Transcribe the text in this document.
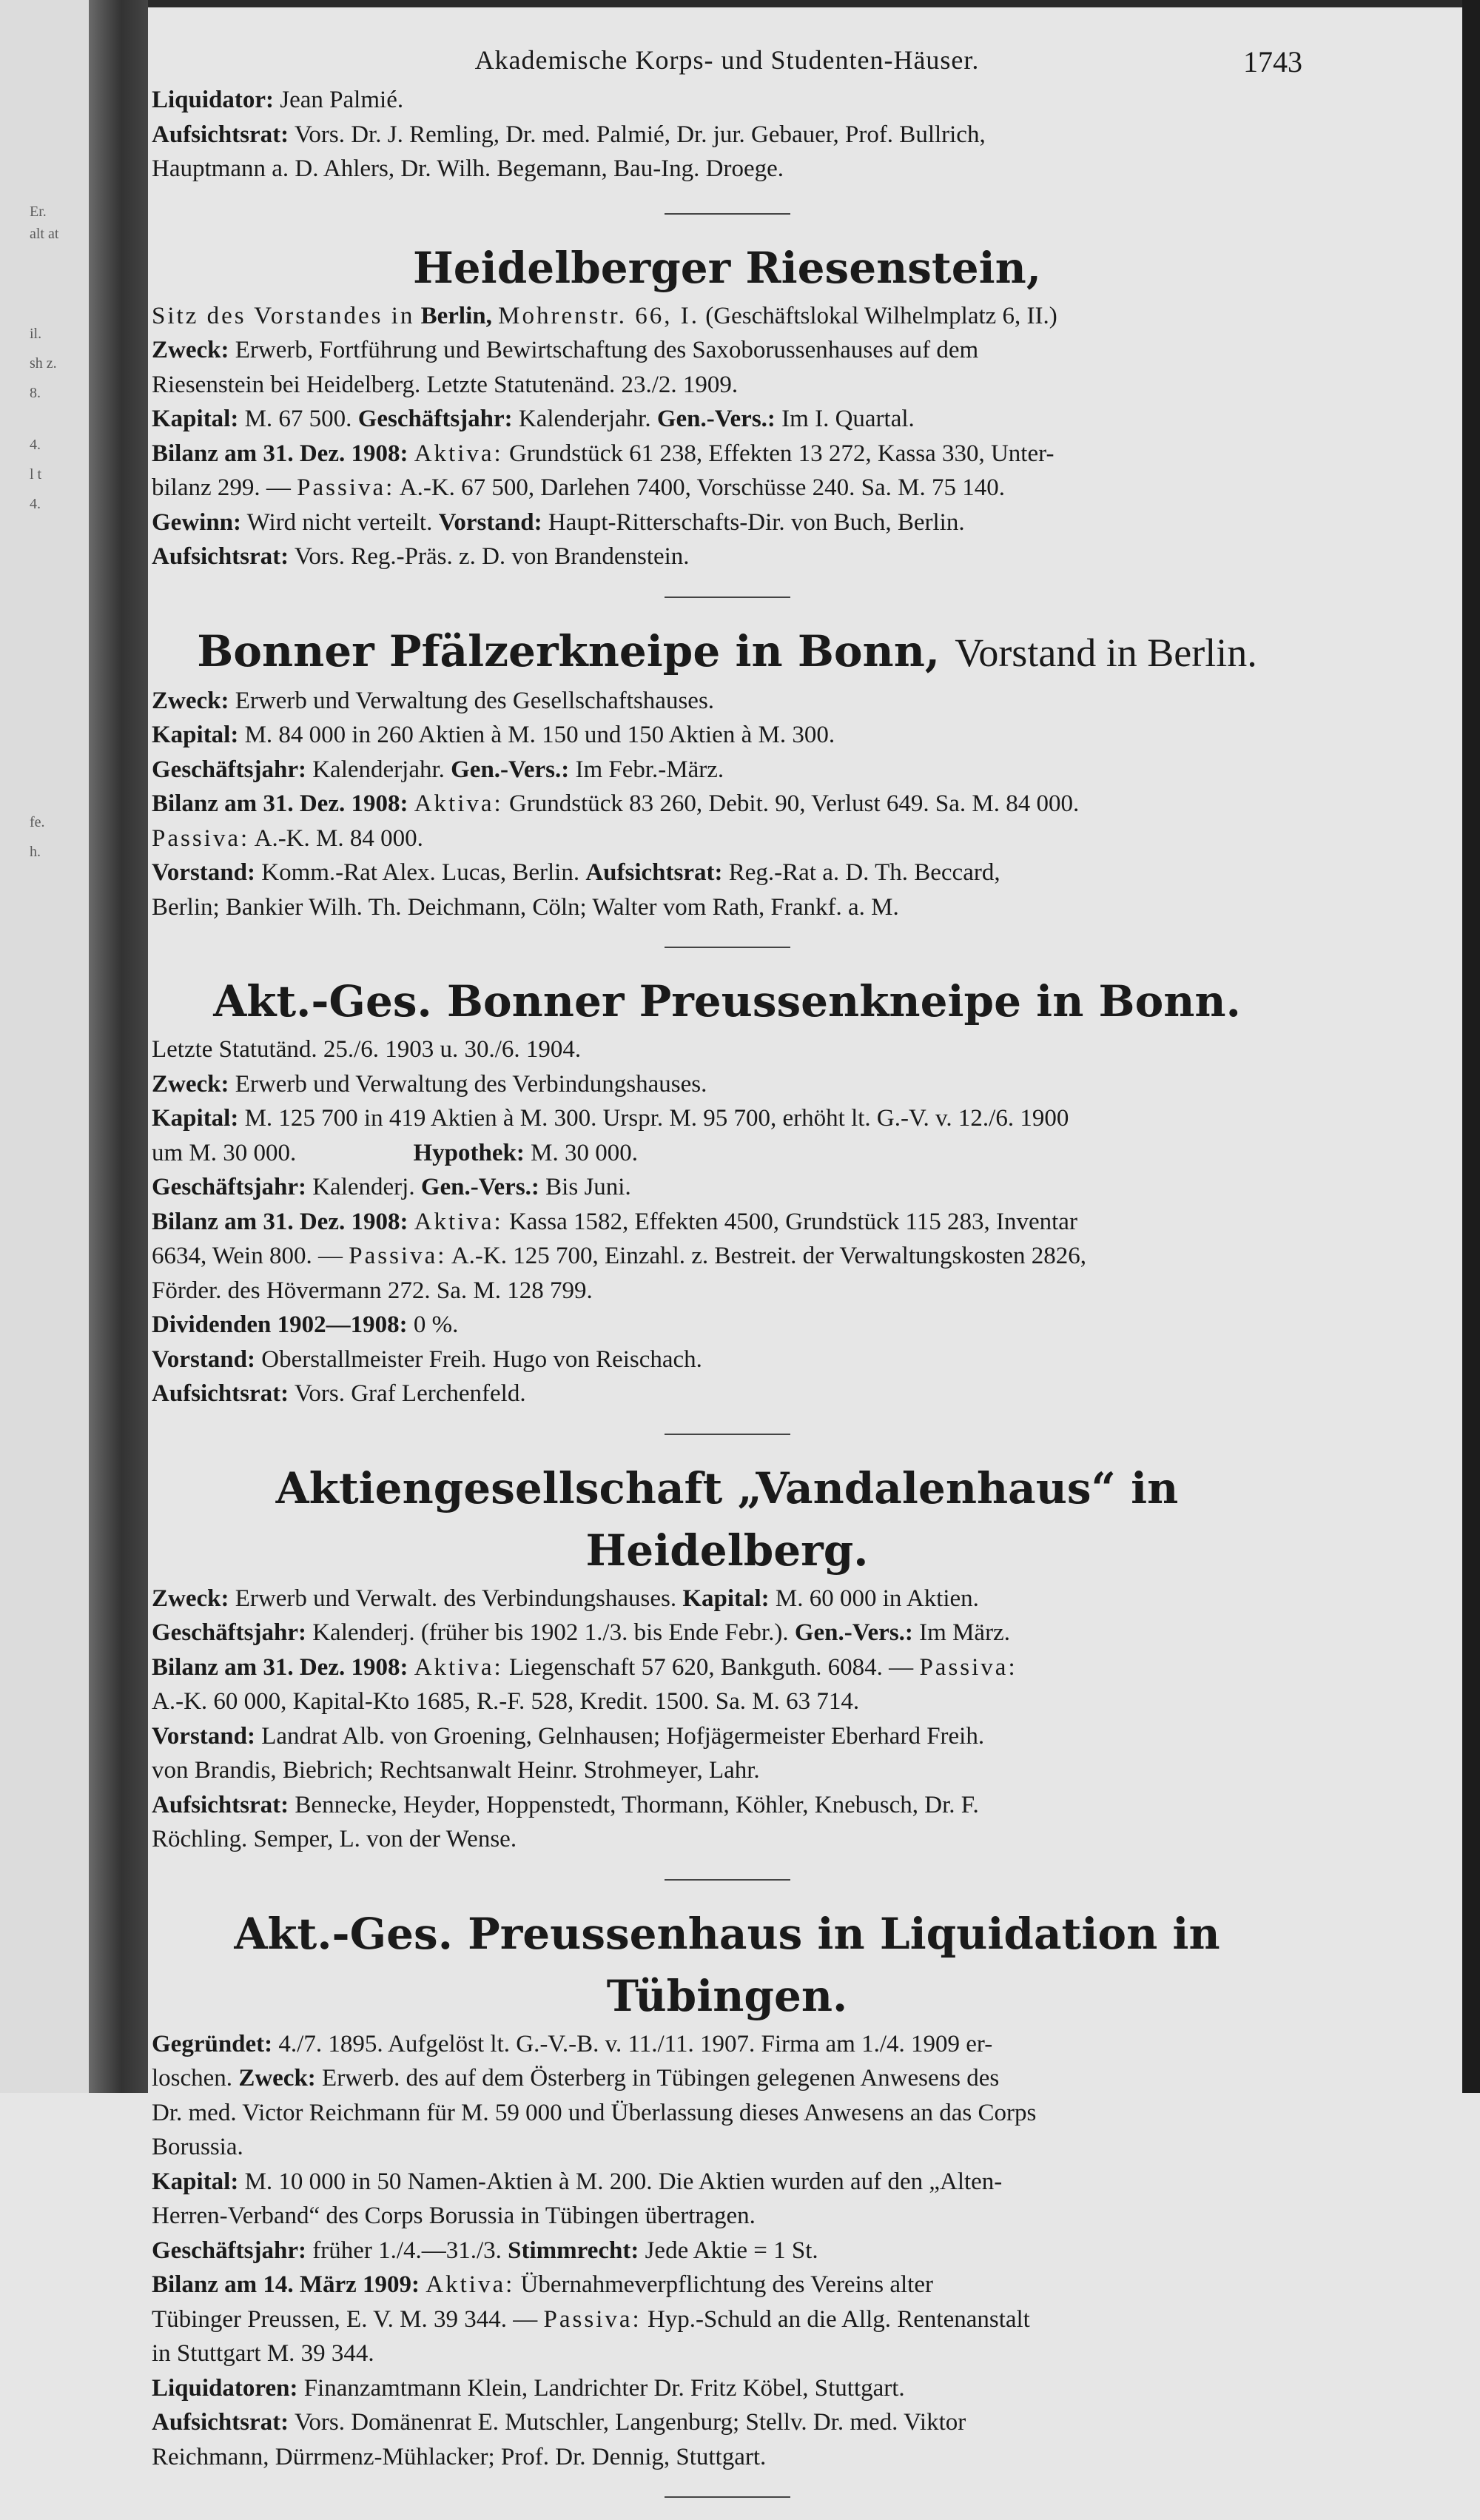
Er.
alt at
il.
sh z.
8.
4.
l t
4.
fe.
h.
Akademische Korps- und Studenten-Häuser.	1743
Liquidator: Jean Palmié.
Aufsichtsrat: Vors. Dr. J. Remling, Dr. med. Palmié, Dr. jur. Gebauer, Prof. Bullrich,
Hauptmann a. D. Ahlers, Dr. Wilh. Begemann, Bau-Ing. Droege.
Heidelberger Riesenstein,
Sitz des Vorstandes in Berlin, Mohrenstr. 66, I. (Geschäftslokal Wilhelmplatz 6, II.)
Zweck: Erwerb, Fortführung und Bewirtschaftung des Saxoborussenhauses auf dem
Riesenstein bei Heidelberg. Letzte Statutenänd. 23./2. 1909.
Kapital: M. 67 500. Geschäftsjahr: Kalenderjahr. Gen.-Vers.: Im I. Quartal.
Bilanz am 31. Dez. 1908: Aktiva: Grundstück 61 238, Effekten 13 272, Kassa 330, Unter-
bilanz 299. — Passiva: A.-K. 67 500, Darlehen 7400, Vorschüsse 240. Sa. M. 75 140.
Gewinn: Wird nicht verteilt. Vorstand: Haupt-Ritterschafts-Dir. von Buch, Berlin.
Aufsichtsrat: Vors. Reg.-Präs. z. D. von Brandenstein.
Bonner Pfälzerkneipe in Bonn, Vorstand in Berlin.
Zweck: Erwerb und Verwaltung des Gesellschaftshauses.
Kapital: M. 84 000 in 260 Aktien à M. 150 und 150 Aktien à M. 300.
Geschäftsjahr: Kalenderjahr. Gen.-Vers.: Im Febr.-März.
Bilanz am 31. Dez. 1908: Aktiva: Grundstück 83 260, Debit. 90, Verlust 649. Sa. M. 84 000.
Passiva: A.-K. M. 84 000.
Vorstand: Komm.-Rat Alex. Lucas, Berlin. Aufsichtsrat: Reg.-Rat a. D. Th. Beccard,
Berlin; Bankier Wilh. Th. Deichmann, Cöln; Walter vom Rath, Frankf. a. M.
Akt.-Ges. Bonner Preussenkneipe in Bonn.
Letzte Statutänd. 25./6. 1903 u. 30./6. 1904.
Zweck: Erwerb und Verwaltung des Verbindungshauses.
Kapital: M. 125 700 in 419 Aktien à M. 300. Urspr. M. 95 700, erhöht lt. G.-V. v. 12./6. 1900
um M. 30 000.	Hypothek: M. 30 000.
Geschäftsjahr: Kalenderj. Gen.-Vers.: Bis Juni.
Bilanz am 31. Dez. 1908: Aktiva: Kassa 1582, Effekten 4500, Grundstück 115 283, Inventar
6634, Wein 800. — Passiva: A.-K. 125 700, Einzahl. z. Bestreit. der Verwaltungskosten 2826,
Förder. des Hövermann 272. Sa. M. 128 799.
Dividenden 1902—1908: 0 %.
Vorstand: Oberstallmeister Freih. Hugo von Reischach.
Aufsichtsrat: Vors. Graf Lerchenfeld.
Aktiengesellschaft „Vandalenhaus“ in Heidelberg.
Zweck: Erwerb und Verwalt. des Verbindungshauses. Kapital: M. 60 000 in Aktien.
Geschäftsjahr: Kalenderj. (früher bis 1902 1./3. bis Ende Febr.). Gen.-Vers.: Im März.
Bilanz am 31. Dez. 1908: Aktiva: Liegenschaft 57 620, Bankguth. 6084. — Passiva:
A.-K. 60 000, Kapital-Kto 1685, R.-F. 528, Kredit. 1500. Sa. M. 63 714.
Vorstand: Landrat Alb. von Groening, Gelnhausen; Hofjägermeister Eberhard Freih.
von Brandis, Biebrich; Rechtsanwalt Heinr. Strohmeyer, Lahr.
Aufsichtsrat: Bennecke, Heyder, Hoppenstedt, Thormann, Köhler, Knebusch, Dr. F.
Röchling. Semper, L. von der Wense.
Akt.-Ges. Preussenhaus in Liquidation in Tübingen.
Gegründet: 4./7. 1895. Aufgelöst lt. G.-V.-B. v. 11./11. 1907. Firma am 1./4. 1909 er-
loschen. Zweck: Erwerb. des auf dem Österberg in Tübingen gelegenen Anwesens des
Dr. med. Victor Reichmann für M. 59 000 und Überlassung dieses Anwesens an das Corps
Borussia.
Kapital: M. 10 000 in 50 Namen-Aktien à M. 200. Die Aktien wurden auf den „Alten-
Herren-Verband“ des Corps Borussia in Tübingen übertragen.
Geschäftsjahr: früher 1./4.—31./3. Stimmrecht: Jede Aktie = 1 St.
Bilanz am 14. März 1909: Aktiva: Übernahmeverpflichtung des Vereins alter
Tübinger Preussen, E. V. M. 39 344. — Passiva: Hyp.-Schuld an die Allg. Rentenanstalt
in Stuttgart M. 39 344.
Liquidatoren: Finanzamtmann Klein, Landrichter Dr. Fritz Köbel, Stuttgart.
Aufsichtsrat: Vors. Domänenrat E. Mutschler, Langenburg; Stellv. Dr. med. Viktor
Reichmann, Dürrmenz-Mühlacker; Prof. Dr. Dennig, Stuttgart.
